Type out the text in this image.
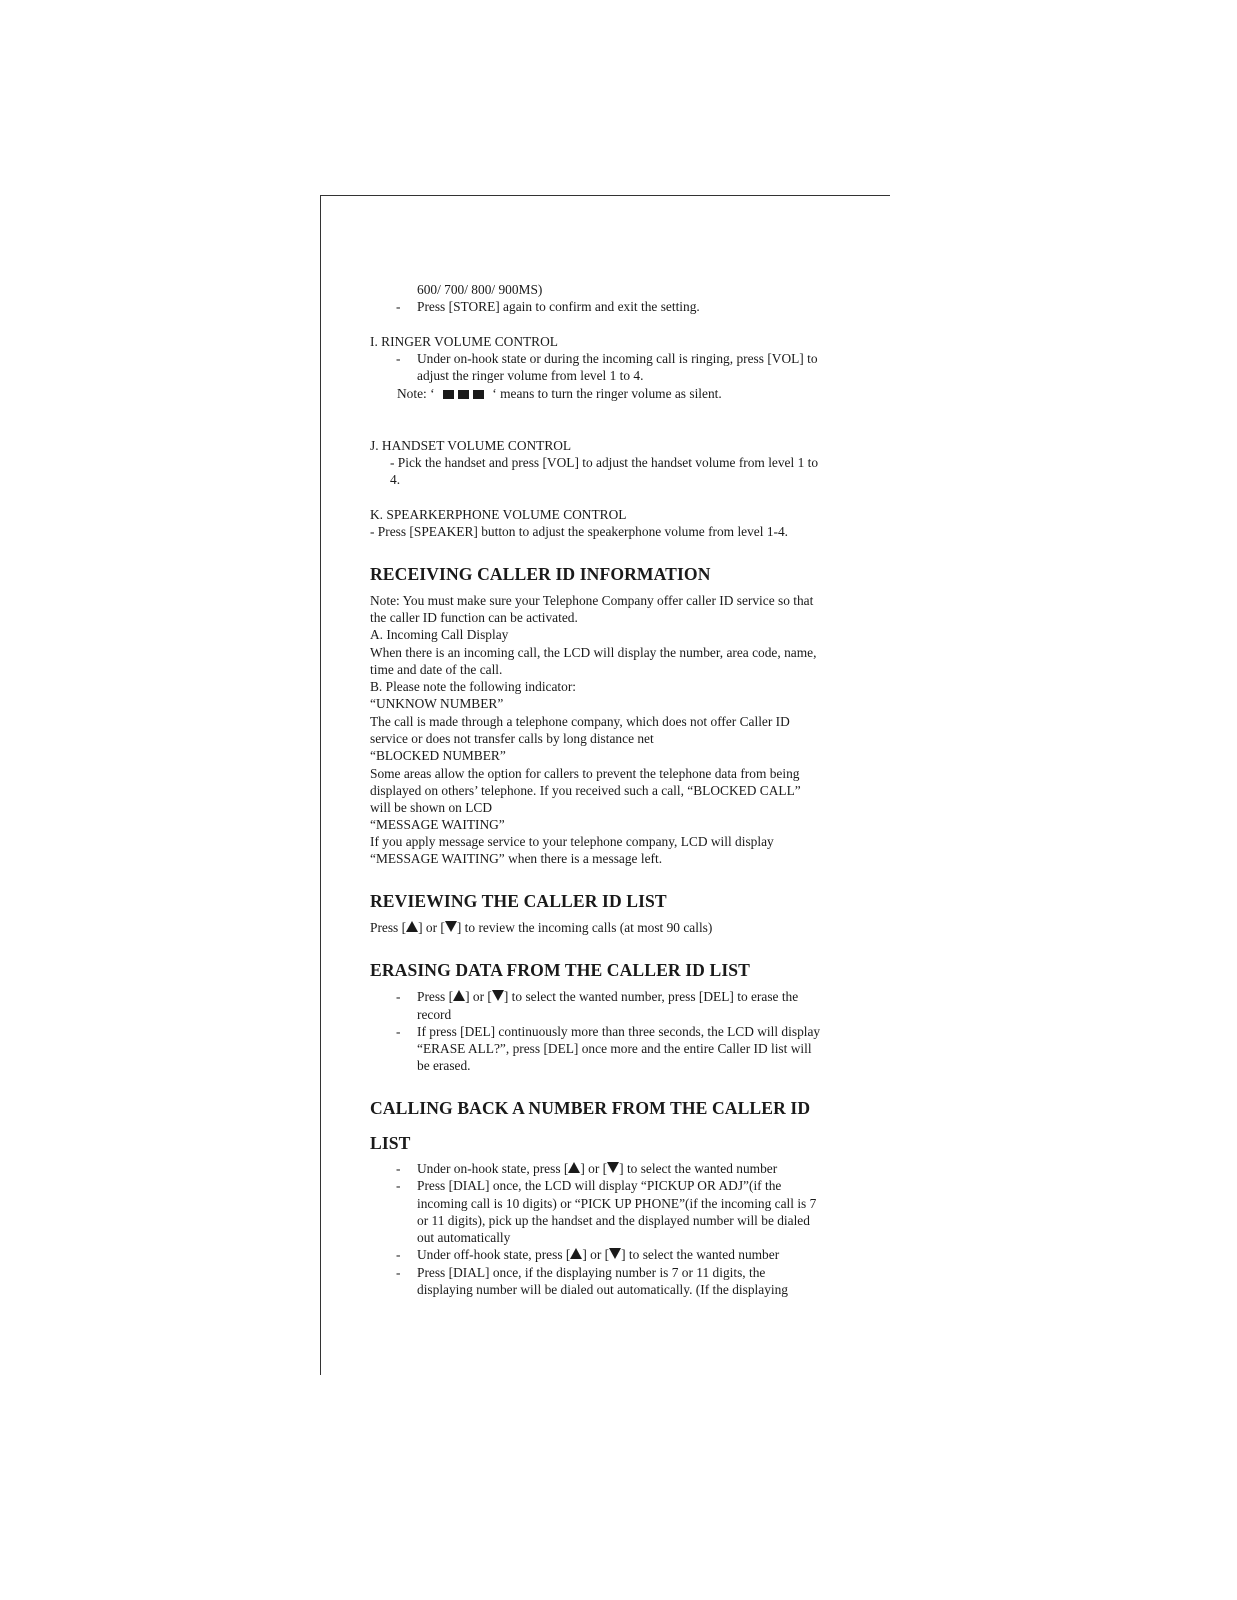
600/ 700/ 800/ 900MS)
- Press [STORE] again to confirm and exit the setting.
I. RINGER VOLUME CONTROL
- Under on-hook state or during the incoming call is ringing, press [VOL] to
adjust the ringer volume from level 1 to 4.
Note: ‘	‘ means to turn the ringer volume as silent.
J. HANDSET VOLUME CONTROL
- Pick the handset and press [VOL] to adjust the handset volume from level 1 to
4.
K. SPEARKERPHONE VOLUME CONTROL
- Press [SPEAKER] button to adjust the speakerphone volume from level 1-4.
RECEIVING CALLER ID INFORMATION
Note: You must make sure your Telephone Company offer caller ID service so that
the caller ID function can be activated.
A. Incoming Call Display
When there is an incoming call, the LCD will display the number, area code, name,
time and date of the call.
B. Please note the following indicator:
“UNKNOW NUMBER”
The call is made through a telephone company, which does not offer Caller ID
service or does not transfer calls by long distance net
“BLOCKED NUMBER”
Some areas allow the option for callers to prevent the telephone data from being
displayed on others’ telephone. If you received such a call, “BLOCKED CALL”
will be shown on LCD
“MESSAGE WAITING”
If you apply message service to your telephone company, LCD will display
“MESSAGE WAITING” when there is a message left.
REVIEWING THE CALLER ID LIST
Press [ ] or [ ] to review the incoming calls (at most 90 calls)
ERASING DATA FROM THE CALLER ID LIST
- Press [ ] or [ ] to select the wanted number, press [DEL] to erase the
record
- If press [DEL] continuously more than three seconds, the LCD will display
“ERASE ALL?”, press [DEL] once more and the entire Caller ID list will
be erased.
CALLING BACK A NUMBER FROM THE CALLER ID
LIST
- Under on-hook state, press [ ] or [ ] to select the wanted number
- Press [DIAL] once, the LCD will display “PICKUP OR ADJ”(if the
incoming call is 10 digits) or “PICK UP PHONE”(if the incoming call is 7
or 11 digits), pick up the handset and the displayed number will be dialed
out automatically
- Under off-hook state, press [ ] or [ ] to select the wanted number
- Press [DIAL] once, if the displaying number is 7 or 11 digits, the
displaying number will be dialed out automatically. (If the displaying
